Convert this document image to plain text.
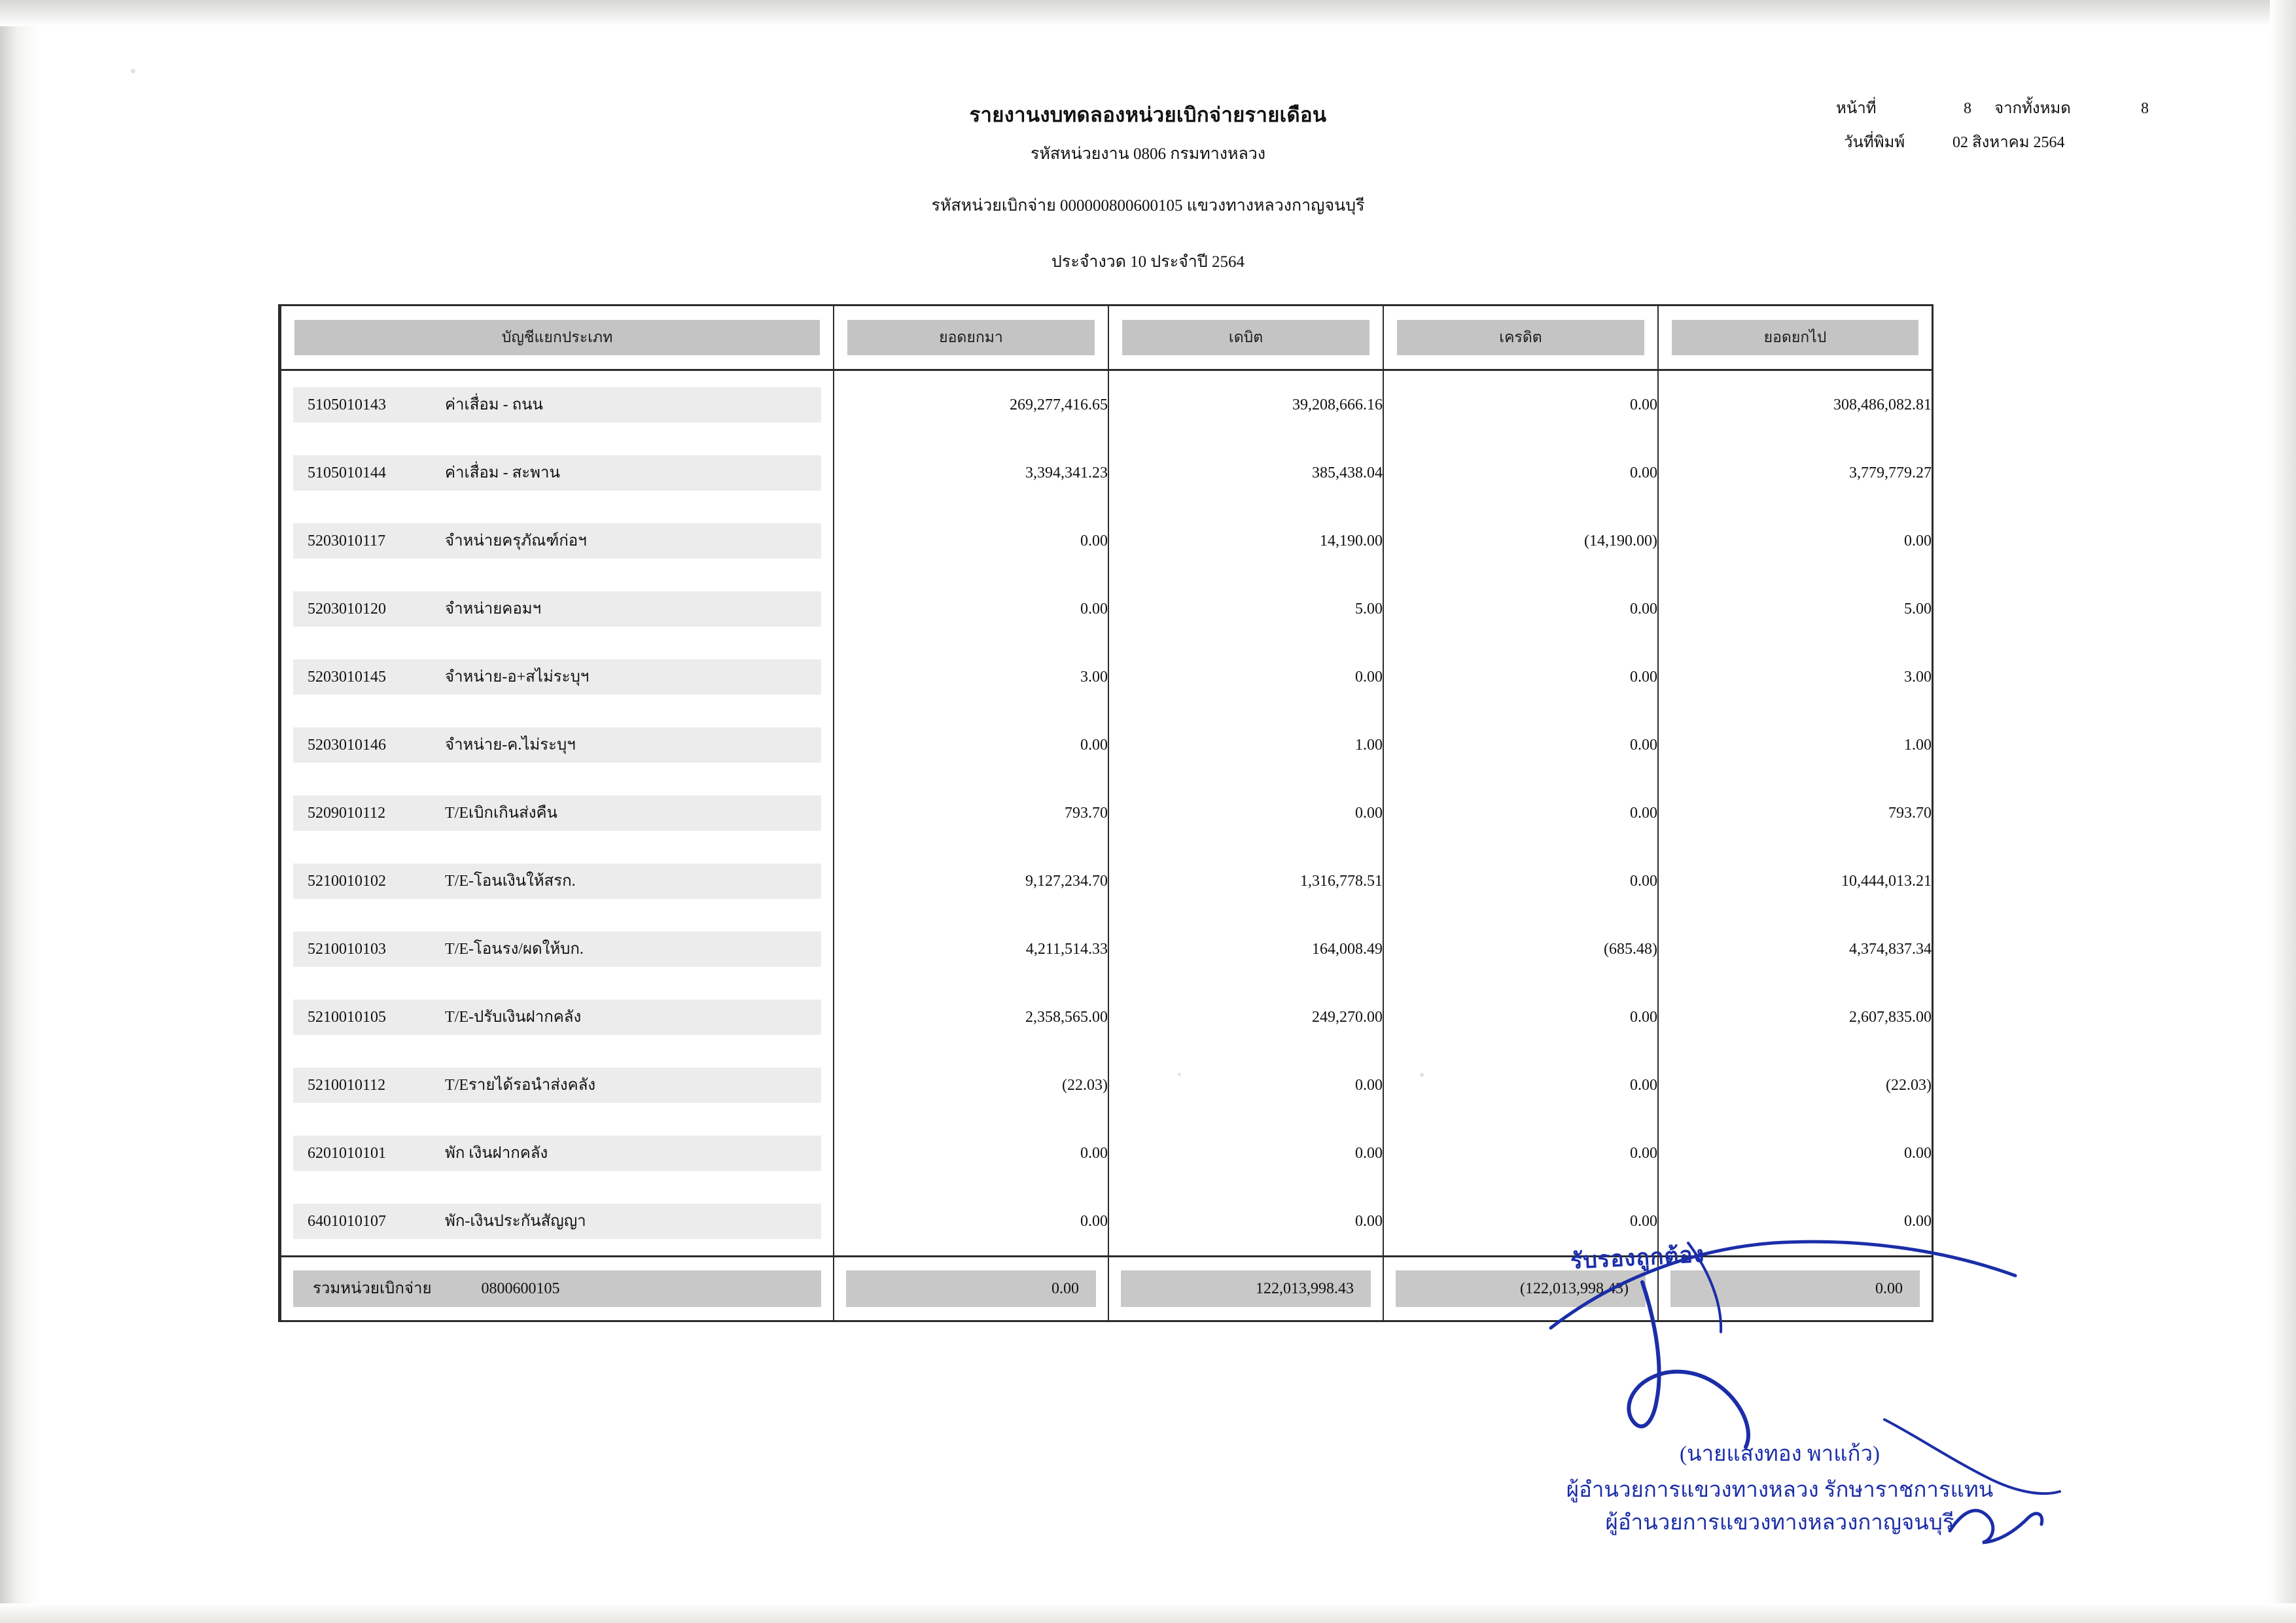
รายงานงบทดลองหน่วยเบิกจ่ายรายเดือน
รหัสหน่วยงาน 0806 กรมทางหลวง
รหัสหน่วยเบิกจ่าย 000000800600105 แขวงทางหลวงกาญจนบุรี
ประจำงวด 10 ประจำปี 2564
หน้าที่	8 จากทั้งหมด	8
วันที่พิมพ์	02 สิงหาคม 2564
บัญชีแยกประเภท	ยอดยกมา	เดบิต	เครดิต	ยอดยกไป

5105010143 ค่าเสื่อม - ถนน	269,277,416.65	39,208,666.16	0.00	308,486,082.81

5105010144 ค่าเสื่อม - สะพาน	3,394,341.23	385,438.04	0.00	3,779,779.27

5203010117 จำหน่ายครุภัณฑ์ก่อฯ	0.00	14,190.00	(14,190.00)	0.00

5203010120 จำหน่ายคอมฯ	0.00	5.00	0.00	5.00

5203010145 จำหน่าย-อ+สไม่ระบุฯ	3.00	0.00	0.00	3.00

5203010146 จำหน่าย-ค.ไม่ระบุฯ	0.00	1.00	0.00	1.00

5209010112 T/Eเบิกเกินส่งคืน	793.70	0.00	0.00	793.70

5210010102 T/E-โอนเงินให้สรก.	9,127,234.70	1,316,778.51	0.00	10,444,013.21

5210010103 T/E-โอนรง/ผดให้บก.	4,211,514.33	164,008.49	(685.48)	4,374,837.34

5210010105 T/E-ปรับเงินฝากคลัง	2,358,565.00	249,270.00	0.00	2,607,835.00

5210010112 T/Eรายได้รอนำส่งคลัง	(22.03)	0.00	0.00	(22.03)

6201010101 พัก เงินฝากคลัง	0.00	0.00	0.00	0.00

6401010107 พัก-เงินประกันสัญญา	0.00	0.00	0.00	0.00

รวมหน่วยเบิกจ่าย 0800600105	0.00	122,013,998.43	(122,013,998.43)	0.00
รับรองถูกต้อง
(นายแสงทอง พาแก้ว)
ผู้อำนวยการแขวงทางหลวง รักษาราชการแทน
ผู้อำนวยการแขวงทางหลวงกาญจนบุรี
